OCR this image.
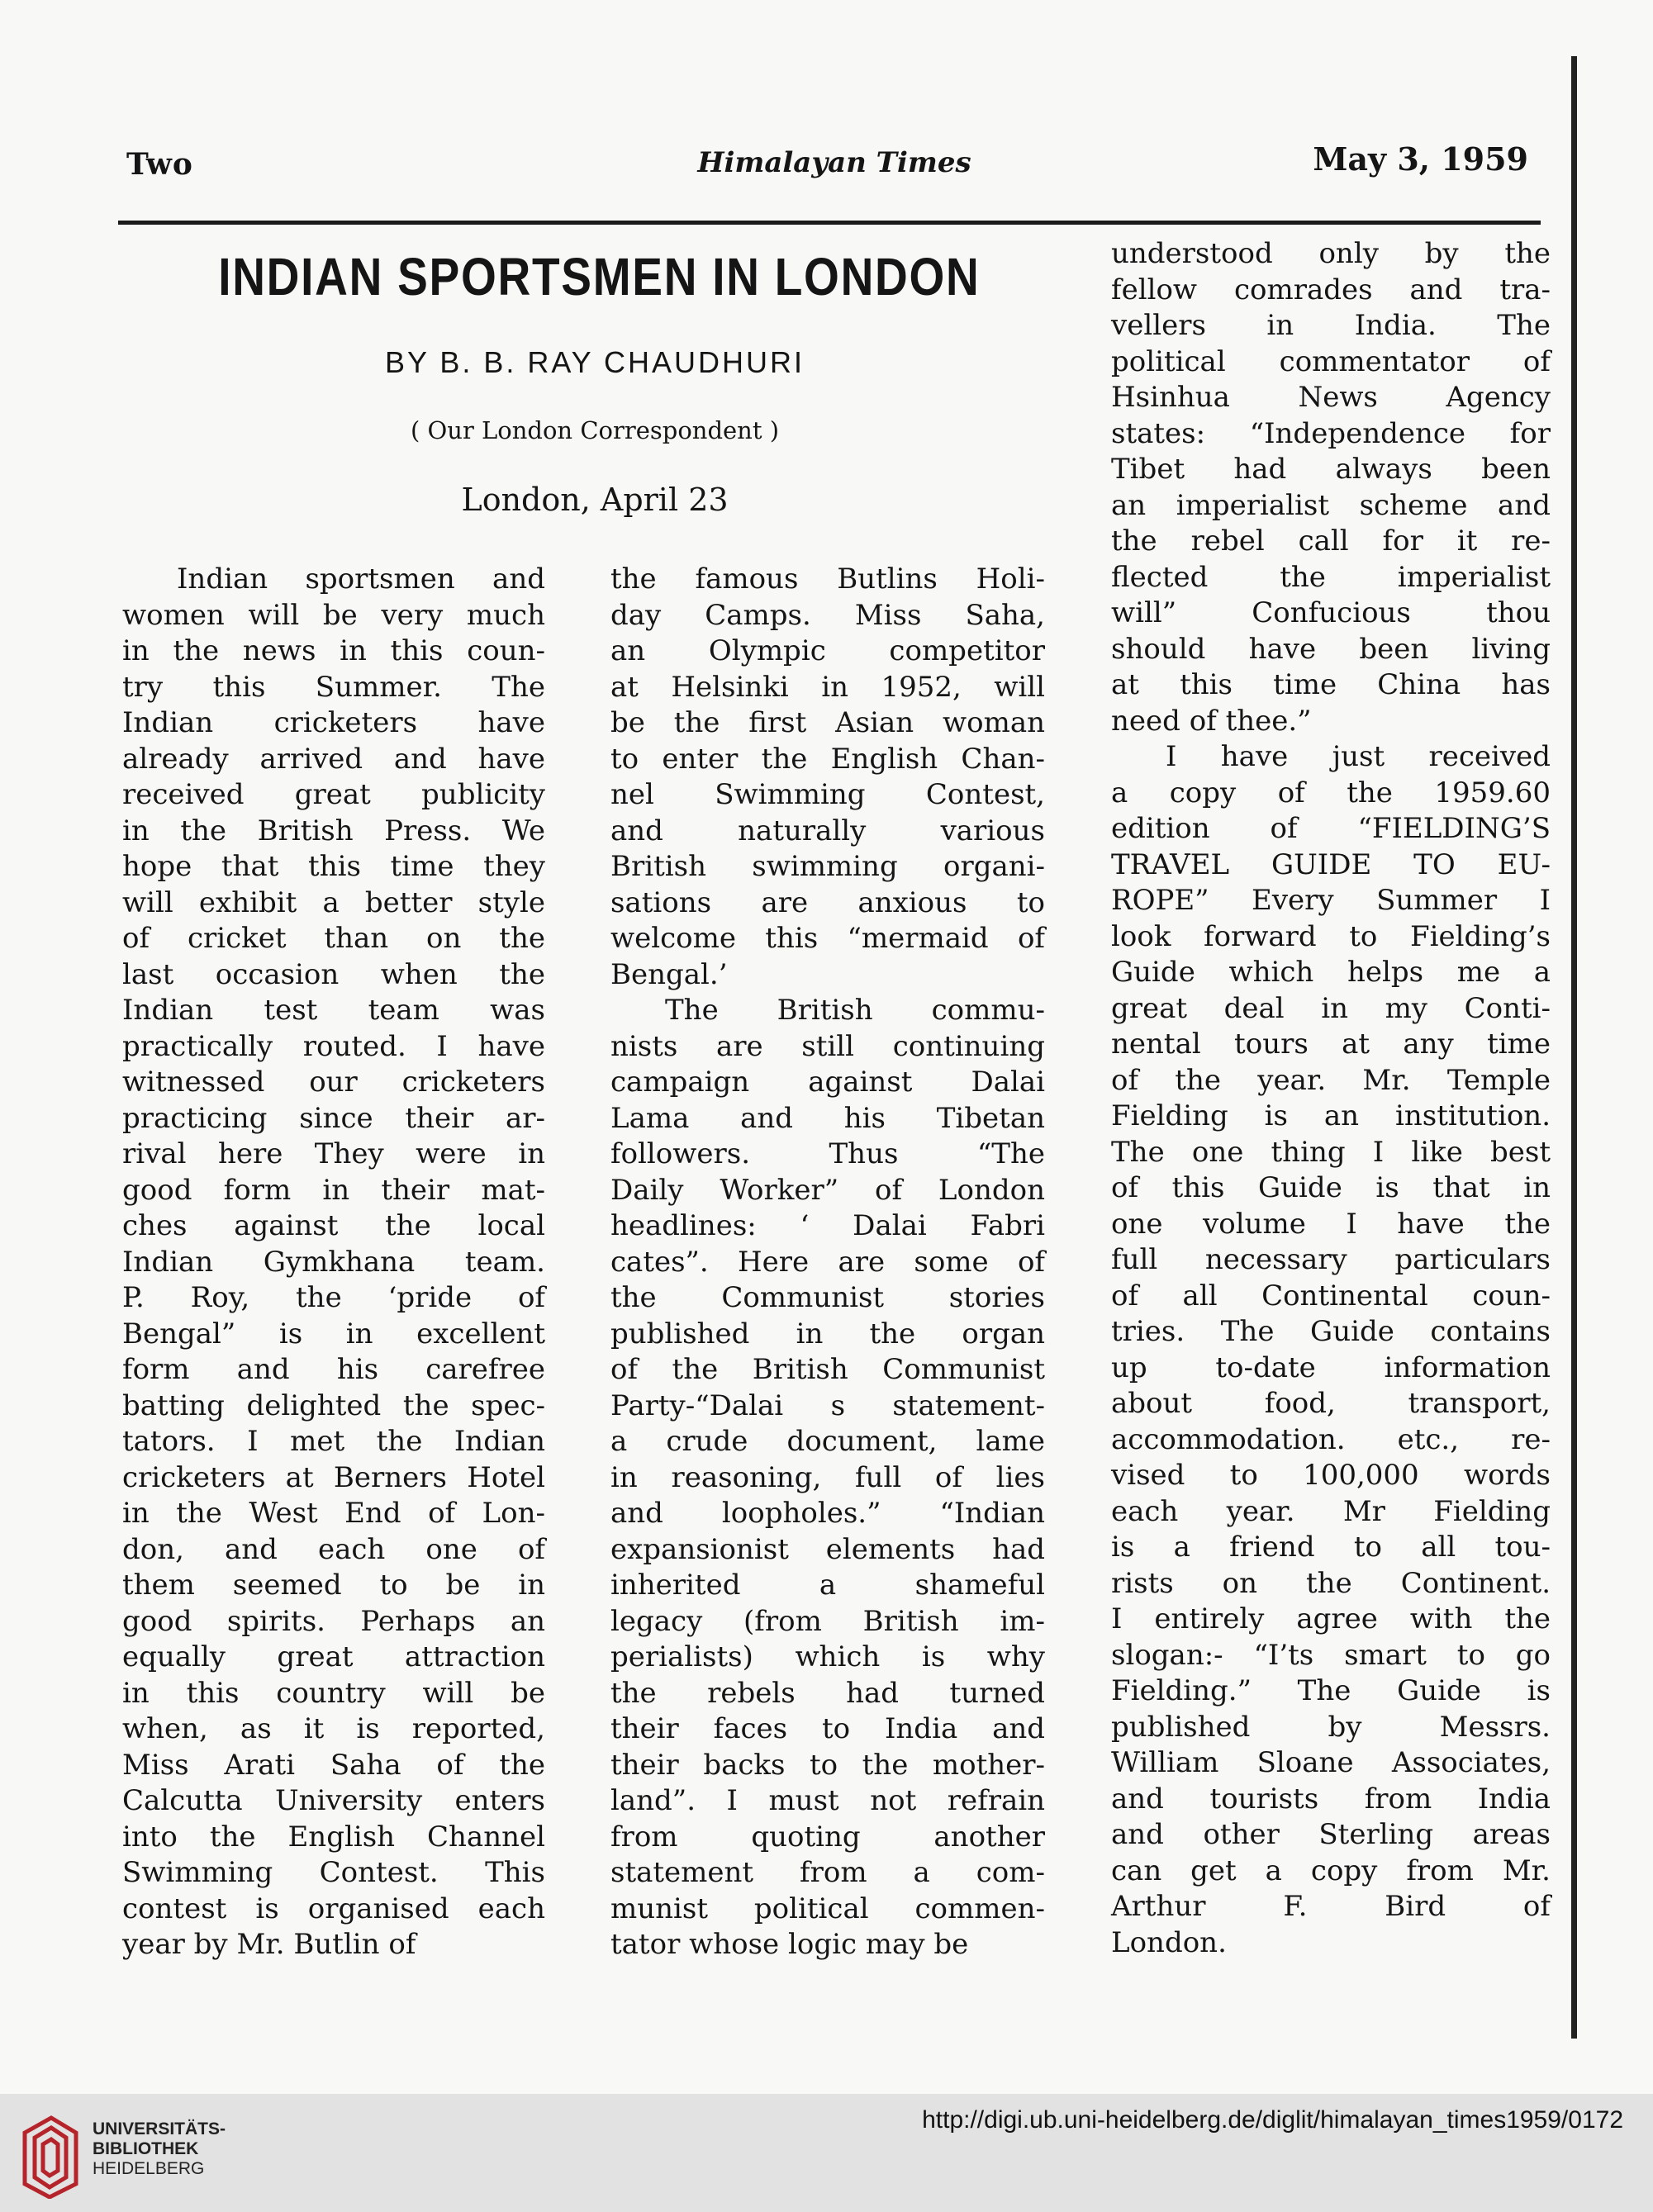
Two	Himalayan Times	May 3, 1959
INDIAN SPORTSMEN IN LONDON
BY B. B. RAY CHAUDHURI
( Our London Correspondent )
London, April 23
Indian sportsmen and
women will be very much
in the news in this coun-
try this Summer. The
Indian cricketers have
already arrived and have
received great publicity
in the British Press. We
hope that this time they
will exhibit a better style
of cricket than on the
last occasion when the
Indian test team was
practically routed. I have
witnessed our cricketers
practicing since their ar-
rival here They were in
good form in their mat-
ches against the local
Indian Gymkhana team.
P. Roy, the ‘pride of
Bengal” is in excellent
form and his carefree
batting delighted the spec-
tators. I met the Indian
cricketers at Berners Hotel
in the West End of Lon-
don, and each one of
them seemed to be in
good spirits. Perhaps an
equally great attraction
in this country will be
when, as it is reported,
Miss Arati Saha of the
Calcutta University enters
into the English Channel
Swimming Contest. This
contest is organised each
year by Mr. Butlin of
the famous Butlins Holi-
day Camps. Miss Saha,
an Olympic competitor
at Helsinki in 1952, will
be the first Asian woman
to enter the English Chan-
nel Swimming Contest,
and naturally various
British swimming organi-
sations are anxious to
welcome this “mermaid of
Bengal.’
The British commu-
nists are still continuing
campaign against Dalai
Lama and his Tibetan
followers. Thus “The
Daily Worker” of London
headlines: ‘ Dalai Fabri
cates”. Here are some of
the Communist stories
published in the organ
of the British Communist
Party-“Dalai s statement-
a crude document, lame
in reasoning, full of lies
and loopholes.” “Indian
expansionist elements had
inherited a shameful
legacy (from British im-
perialists) which is why
the rebels had turned
their faces to India and
their backs to the mother-
land”. I must not refrain
from quoting another
statement from a com-
munist political commen-
tator whose logic may be
understood only by the
fellow comrades and tra-
vellers in India. The
political commentator of
Hsinhua News Agency
states: “Independence for
Tibet had always been
an imperialist scheme and
the rebel call for it re-
flected the imperialist
will” Confucious thou
should have been living
at this time China has
need of thee.”
I have just received
a copy of the 1959.60
edition of “FIELDING’S
TRAVEL GUIDE TO EU-
ROPE” Every Summer I
look forward to Fielding’s
Guide which helps me a
great deal in my Conti-
nental tours at any time
of the year. Mr. Temple
Fielding is an institution.
The one thing I like best
of this Guide is that in
one volume I have the
full necessary particulars
of all Continental coun-
tries. The Guide contains
up to-date information
about food, transport,
accommodation. etc., re-
vised to 100,000 words
each year. Mr Fielding
is a friend to all tou-
rists on the Continent.
I entirely agree with the
slogan:- “I’ts smart to go
Fielding.” The Guide is
published by Messrs.
William Sloane Associates,
and tourists from India
and other Sterling areas
can get a copy from Mr.
Arthur F. Bird of
London.
UNIVERSITÄTS-
BIBLIOTHEK
HEIDELBERG
http://digi.ub.uni-heidelberg.de/diglit/himalayan_times1959/0172
